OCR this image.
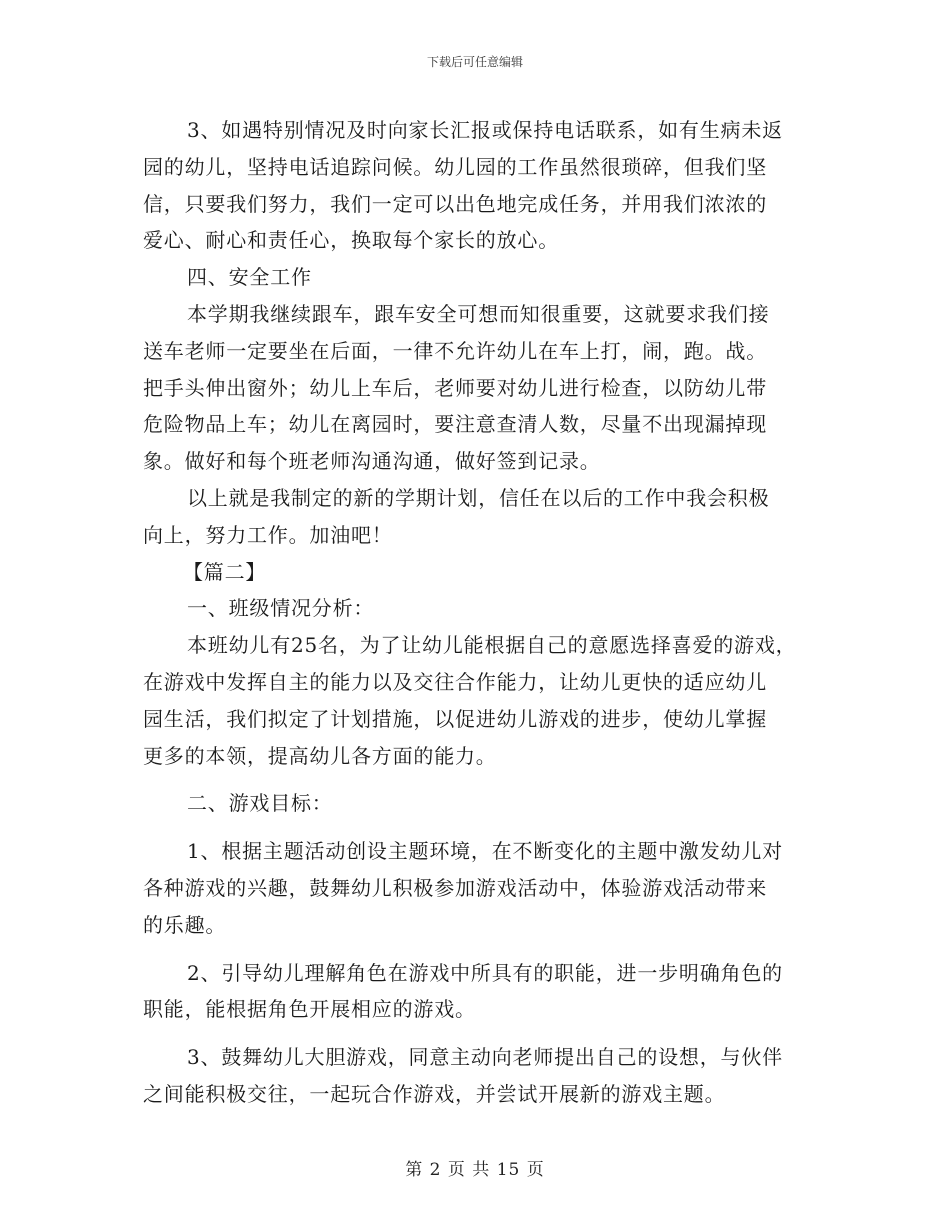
下载后可任意编辑

3、如遇特别情况及时向家长汇报或保持电话联系，如有生病未返

园的幼儿，坚持电话追踪问候。幼儿园的工作虽然很琐碎，但我们坚

信，只要我们努力，我们一定可以出色地完成任务，并用我们浓浓的

爱心、耐心和责任心，换取每个家长的放心。

四、安全工作

本学期我继续跟车，跟车安全可想而知很重要，这就要求我们接

送车老师一定要坐在后面，一律不允许幼儿在车上打，闹，跑。战。

把手头伸出窗外；幼儿上车后，老师要对幼儿进行检查，以防幼儿带

危险物品上车；幼儿在离园时，要注意查清人数，尽量不出现漏掉现

象。做好和每个班老师沟通沟通，做好签到记录。

以上就是我制定的新的学期计划，信任在以后的工作中我会积极

向上，努力工作。加油吧！

【篇二】

一、班级情况分析：

本班幼儿有25名，为了让幼儿能根据自己的意愿选择喜爱的游戏，

在游戏中发挥自主的能力以及交往合作能力，让幼儿更快的适应幼儿

园生活，我们拟定了计划措施，以促进幼儿游戏的进步，使幼儿掌握

更多的本领，提高幼儿各方面的能力。

二、游戏目标：

1、根据主题活动创设主题环境，在不断变化的主题中激发幼儿对

各种游戏的兴趣，鼓舞幼儿积极参加游戏活动中，体验游戏活动带来

的乐趣。

2、引导幼儿理解角色在游戏中所具有的职能，进一步明确角色的

职能，能根据角色开展相应的游戏。

3、鼓舞幼儿大胆游戏，同意主动向老师提出自己的设想，与伙伴

之间能积极交往，一起玩合作游戏，并尝试开展新的游戏主题。

第 2 页 共 15 页
